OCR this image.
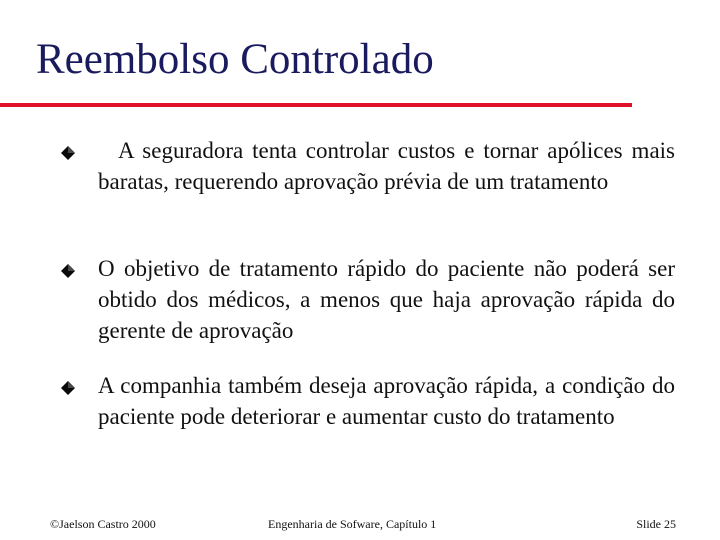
Reembolso Controlado
A seguradora tenta controlar custos e tornar apólices mais baratas, requerendo aprovação prévia de um tratamento
O objetivo de tratamento rápido do paciente não poderá ser obtido dos médicos, a menos que haja aprovação rápida do gerente de aprovação
A companhia também deseja aprovação rápida, a condição do paciente pode deteriorar e aumentar custo do tratamento
©Jaelson Castro 2000	Engenharia de Sofware, Capítulo 1	Slide 25
